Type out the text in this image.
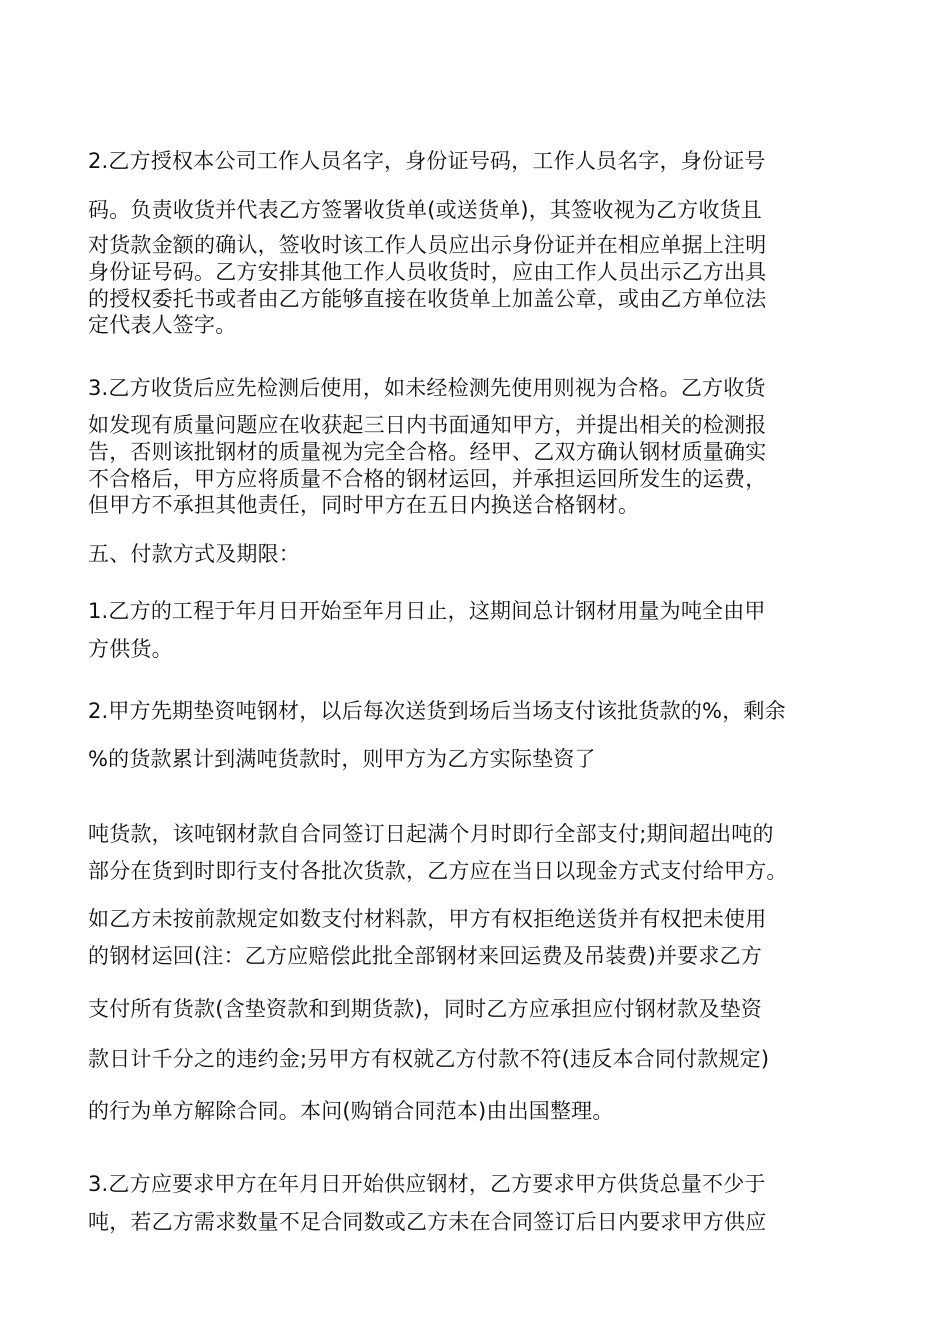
2.乙方授权本公司工作人员名字，身份证号码，工作人员名字，身份证号
码。负责收货并代表乙方签署收货单(或送货单)，其签收视为乙方收货且
对货款金额的确认，签收时该工作人员应出示身份证并在相应单据上注明
身份证号码。乙方安排其他工作人员收货时，应由工作人员出示乙方出具
的授权委托书或者由乙方能够直接在收货单上加盖公章，或由乙方单位法
定代表人签字。
3.乙方收货后应先检测后使用，如未经检测先使用则视为合格。乙方收货
如发现有质量问题应在收获起三日内书面通知甲方，并提出相关的检测报
告，否则该批钢材的质量视为完全合格。经甲、乙双方确认钢材质量确实
不合格后，甲方应将质量不合格的钢材运回，并承担运回所发生的运费，
但甲方不承担其他责任，同时甲方在五日内换送合格钢材。
五、付款方式及期限：
1.乙方的工程于年月日开始至年月日止，这期间总计钢材用量为吨全由甲
方供货。
2.甲方先期垫资吨钢材，以后每次送货到场后当场支付该批货款的%，剩余
%的货款累计到满吨货款时，则甲方为乙方实际垫资了
吨货款，该吨钢材款自合同签订日起满个月时即行全部支付;期间超出吨的
部分在货到时即行支付各批次货款，乙方应在当日以现金方式支付给甲方。
如乙方未按前款规定如数支付材料款，甲方有权拒绝送货并有权把未使用
的钢材运回(注：乙方应赔偿此批全部钢材来回运费及吊装费)并要求乙方
支付所有货款(含垫资款和到期货款)，同时乙方应承担应付钢材款及垫资
款日计千分之的违约金;另甲方有权就乙方付款不符(违反本合同付款规定)
的行为单方解除合同。本问(购销合同范本)由出国整理。
3.乙方应要求甲方在年月日开始供应钢材，乙方要求甲方供货总量不少于
吨，若乙方需求数量不足合同数或乙方未在合同签订后日内要求甲方供应
